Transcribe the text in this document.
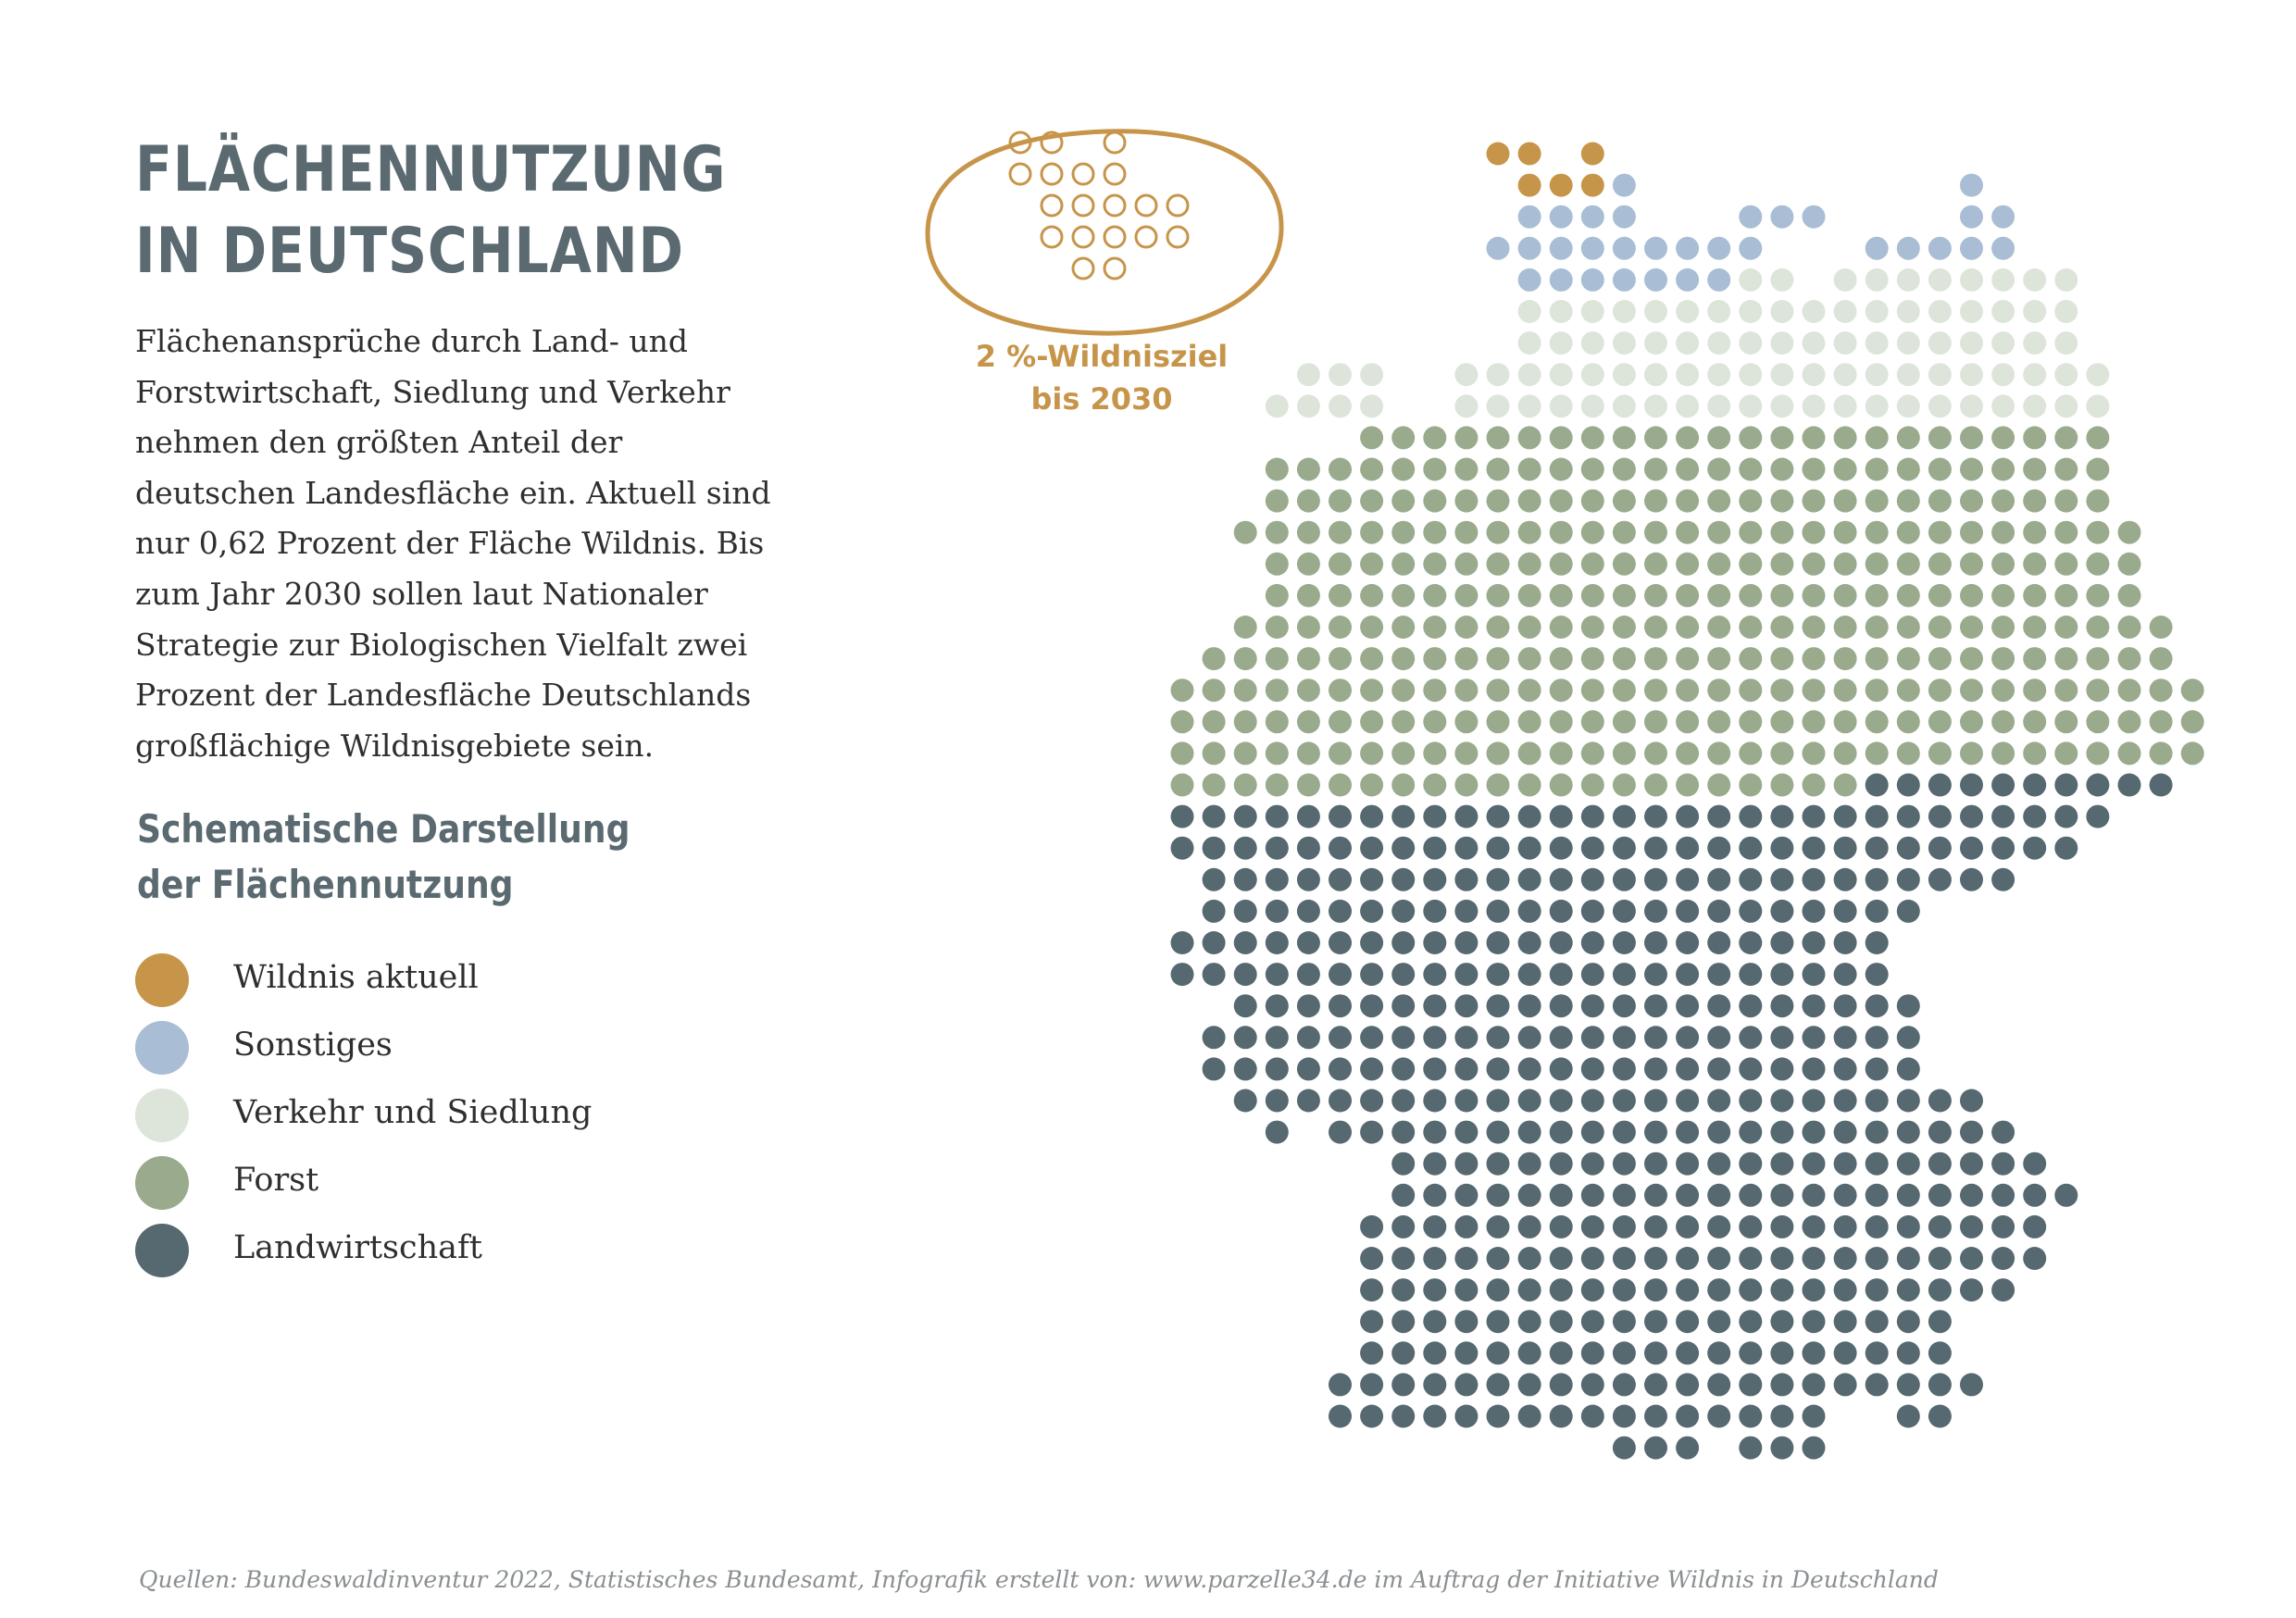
FLÄCHENNUTZUNG
IN DEUTSCHLAND

Flächenansprüche durch Land- und Forstwirtschaft, Siedlung und Verkehr nehmen den größten Anteil der deutschen Landesfläche ein. Aktuell sind nur 0,62 Prozent der Fläche Wildnis. Bis zum Jahr 2030 sollen laut Nationaler Strategie zur Biologischen Vielfalt zwei Prozent der Landesfläche Deutschlands großflächige Wildnisgebiete sein.

Schematische Darstellung
der Flächennutzung
Wildnis aktuell
Sonstiges
Verkehr und Siedlung
Forst
Landwirtschaft
2 %-Wildnisziel
bis 2030
Quellen: Bundeswaldinventur 2022, Statistisches Bundesamt, Infografik erstellt von: www.parzelle34.de im Auftrag der Initiative Wildnis in Deutschland
